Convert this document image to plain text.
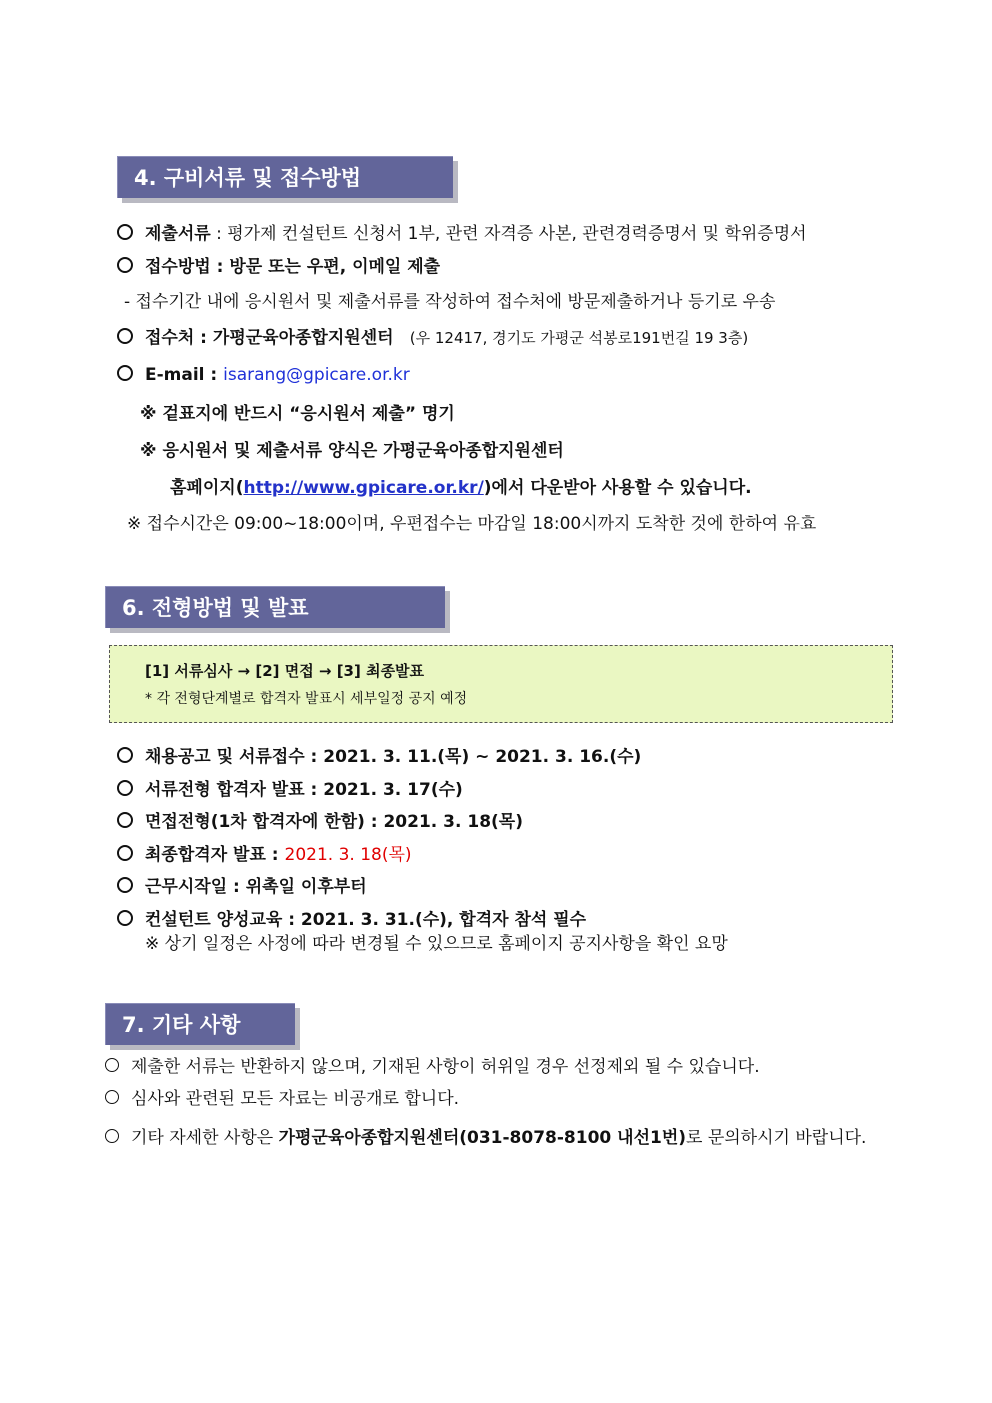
4. 구비서류 및 접수방법
제출서류 : 평가제 컨설턴트 신청서 1부, 관련 자격증 사본, 관련경력증명서 및 학위증명서
접수방법 : 방문 또는 우편, 이메일 제출
- 접수기간 내에 응시원서 및 제출서류를 작성하여 접수처에 방문제출하거나 등기로 우송
접수처 : 가평군육아종합지원센터 (우 12417, 경기도 가평군 석봉로191번길 19 3층)
E-mail : isarang@gpicare.or.kr
※ 겉표지에 반드시 “응시원서 제출” 명기
※ 응시원서 및 제출서류 양식은 가평군육아종합지원센터
홈페이지(http://www.gpicare.or.kr/)에서 다운받아 사용할 수 있습니다.
※ 접수시간은 09:00~18:00이며, 우편접수는 마감일 18:00시까지 도착한 것에 한하여 유효
6. 전형방법 및 발표
[1] 서류심사 → [2] 면접 → [3] 최종발표
* 각 전형단계별로 합격자 발표시 세부일정 공지 예정
채용공고 및 서류접수 : 2021. 3. 11.(목) ~ 2021. 3. 16.(수)
서류전형 합격자 발표 : 2021. 3. 17(수)
면접전형(1차 합격자에 한함) : 2021. 3. 18(목)
최종합격자 발표 : 2021. 3. 18(목)
근무시작일 : 위촉일 이후부터
컨설턴트 양성교육 : 2021. 3. 31.(수), 합격자 참석 필수
※ 상기 일정은 사정에 따라 변경될 수 있으므로 홈페이지 공지사항을 확인 요망
7. 기타 사항
제출한 서류는 반환하지 않으며, 기재된 사항이 허위일 경우 선정제외 될 수 있습니다.
심사와 관련된 모든 자료는 비공개로 합니다.
기타 자세한 사항은 가평군육아종합지원센터(031-8078-8100 내선1번)로 문의하시기 바랍니다.
